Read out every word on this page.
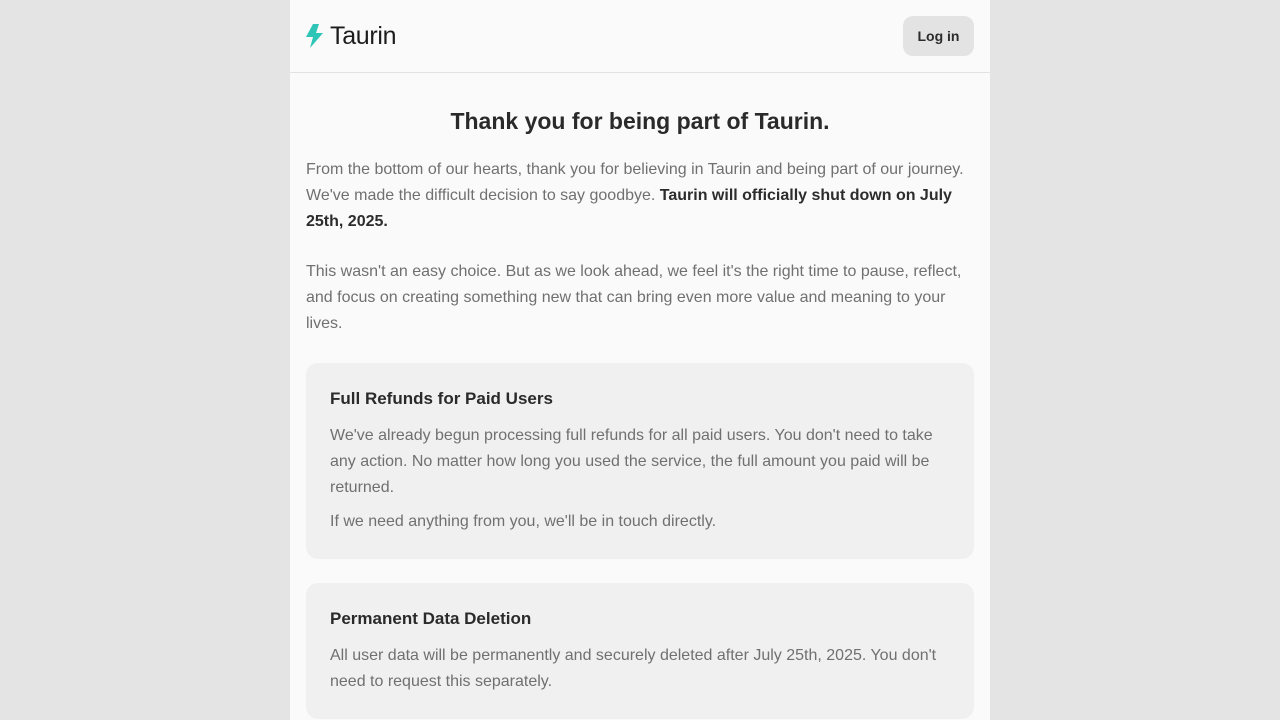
Taurin	Log in
Thank you for being part of Taurin.

From the bottom of our hearts, thank you for believing in Taurin and being part of our journey. We've made the difficult decision to say goodbye. Taurin will officially shut down on July 25th, 2025.

This wasn't an easy choice. But as we look ahead, we feel it's the right time to pause, reflect, and focus on creating something new that can bring even more value and meaning to your lives.

Full Refunds for Paid Users

We've already begun processing full refunds for all paid users. You don't need to take any action. No matter how long you used the service, the full amount you paid will be returned.

If we need anything from you, we'll be in touch directly.

Permanent Data Deletion

All user data will be permanently and securely deleted after July 25th, 2025. You don't need to request this separately.
